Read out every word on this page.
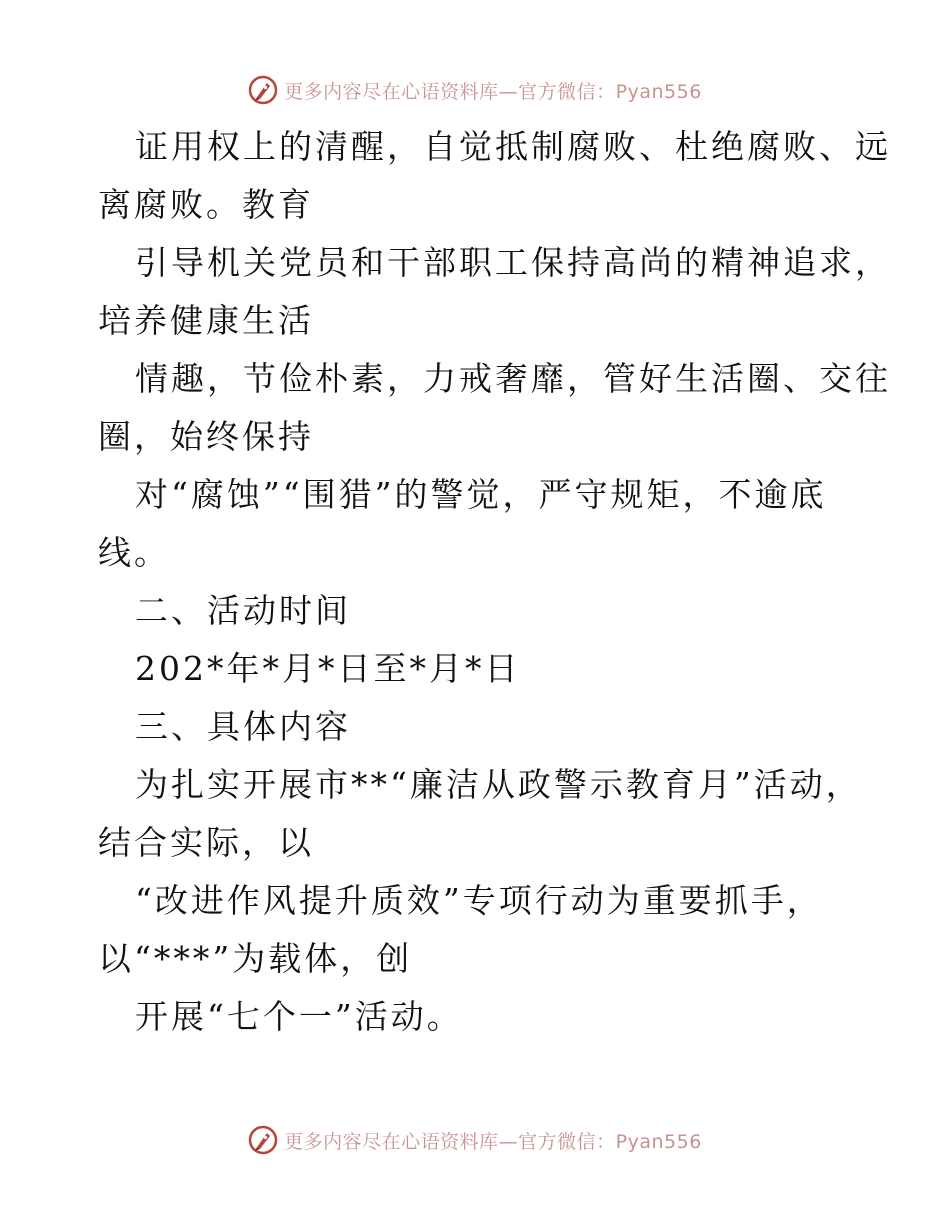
更多内容尽在心语资料库—官方微信：Pyan556
证用权上的清醒，自觉抵制腐败、杜绝腐败、远
离腐败。教育
引导机关党员和干部职工保持高尚的精神追求，
培养健康生活
情趣，节俭朴素，力戒奢靡，管好生活圈、交往
圈，始终保持
对“腐蚀”“围猎”的警觉，严守规矩，不逾底
线。
二、活动时间
202*年*月*日至*月*日
三、具体内容
为扎实开展市**“廉洁从政警示教育月”活动，
结合实际，以
“改进作风提升质效”专项行动为重要抓手，
以“***”为载体，创
开展“七个一”活动。
更多内容尽在心语资料库—官方微信：Pyan556
